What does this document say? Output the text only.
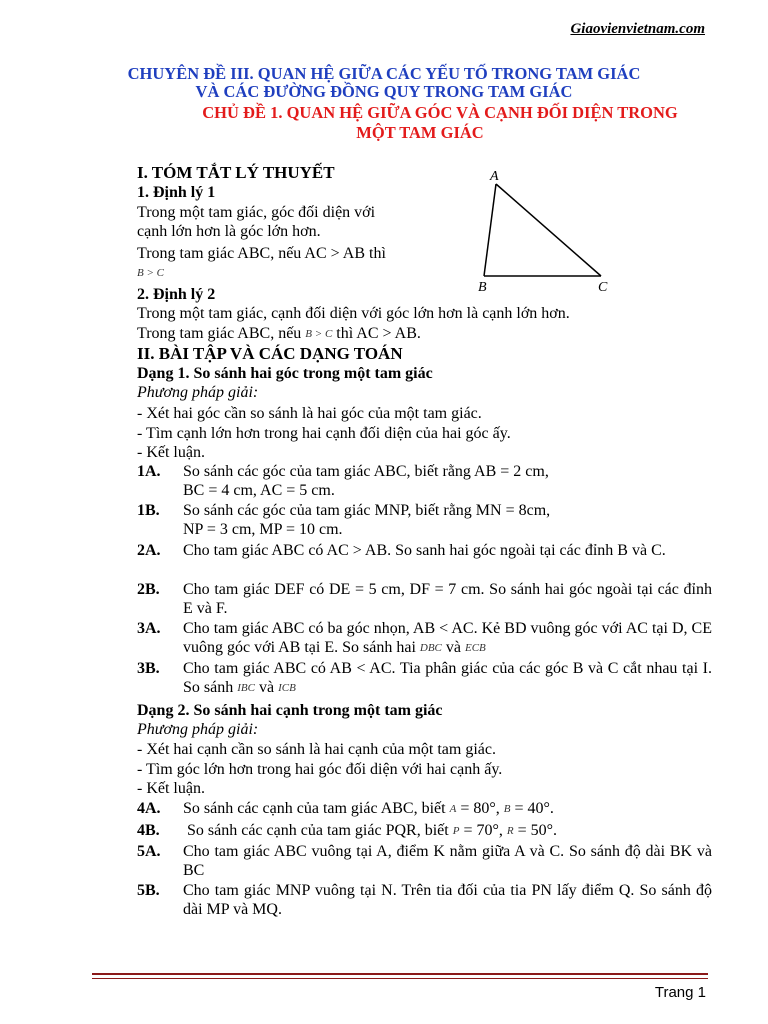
Giaovienvietnam.com
CHUYÊN ĐỀ III. QUAN HỆ GIỮA CÁC YẾU TỐ TRONG TAM GIÁC
VÀ CÁC ĐƯỜNG ĐỒNG QUY TRONG TAM GIÁC
CHỦ ĐỀ 1. QUAN HỆ GIỮA GÓC VÀ CẠNH ĐỐI DIỆN TRONG
MỘT TAM GIÁC
I. TÓM TẮT LÝ THUYẾT
1. Định lý 1
Trong một tam giác, góc đối diện với
cạnh lớn hơn là góc lớn hơn.
Trong tam giác ABC, nếu AC > AB thì
B > C
A
B	C
2. Định lý 2
Trong một tam giác, cạnh đối diện với góc lớn hơn là cạnh lớn hơn.
Trong tam giác ABC, nếu B > C thì AC > AB.
II. BÀI TẬP VÀ CÁC DẠNG TOÁN
Dạng 1. So sánh hai góc trong một tam giác
Phương pháp giải:
- Xét hai góc cần so sánh là hai góc của một tam giác.
- Tìm cạnh lớn hơn trong hai cạnh đối diện của hai góc ấy.
- Kết luận.
1A. So sánh các góc của tam giác ABC, biết rằng AB = 2 cm,
BC = 4 cm, AC = 5 cm.
1B. So sánh các góc của tam giác MNP, biết rằng MN = 8cm,
NP = 3 cm, MP = 10 cm.
2A. Cho tam giác ABC có AC > AB. So sanh hai góc ngoài tại các đỉnh B và C.
2B. Cho tam giác DEF có DE = 5 cm, DF = 7 cm. So sánh hai góc ngoài tại các đỉnh E và F.
3A. Cho tam giác ABC có ba góc nhọn, AB < AC. Kẻ BD vuông góc với AC tại D, CE vuông góc với AB tại E. So sánh hai DBC và ECB
3B. Cho tam giác ABC có AB < AC. Tia phân giác của các góc B và C cắt nhau tại I. So sánh IBC và ICB
Dạng 2. So sánh hai cạnh trong một tam giác
Phương pháp giải:
- Xét hai cạnh cần so sánh là hai cạnh của một tam giác.
- Tìm góc lớn hơn trong hai góc đối diện với hai cạnh ấy.
- Kết luận.
4A. So sánh các cạnh của tam giác ABC, biết A = 80°, B = 40°.
4B. So sánh các cạnh của tam giác PQR, biết P = 70°, R = 50°.
5A. Cho tam giác ABC vuông tại A, điểm K nằm giữa A và C. So sánh độ dài BK và BC
5B. Cho tam giác MNP vuông tại N. Trên tia đối của tia PN lấy điểm Q. So sánh độ dài MP và MQ.
Trang 1
